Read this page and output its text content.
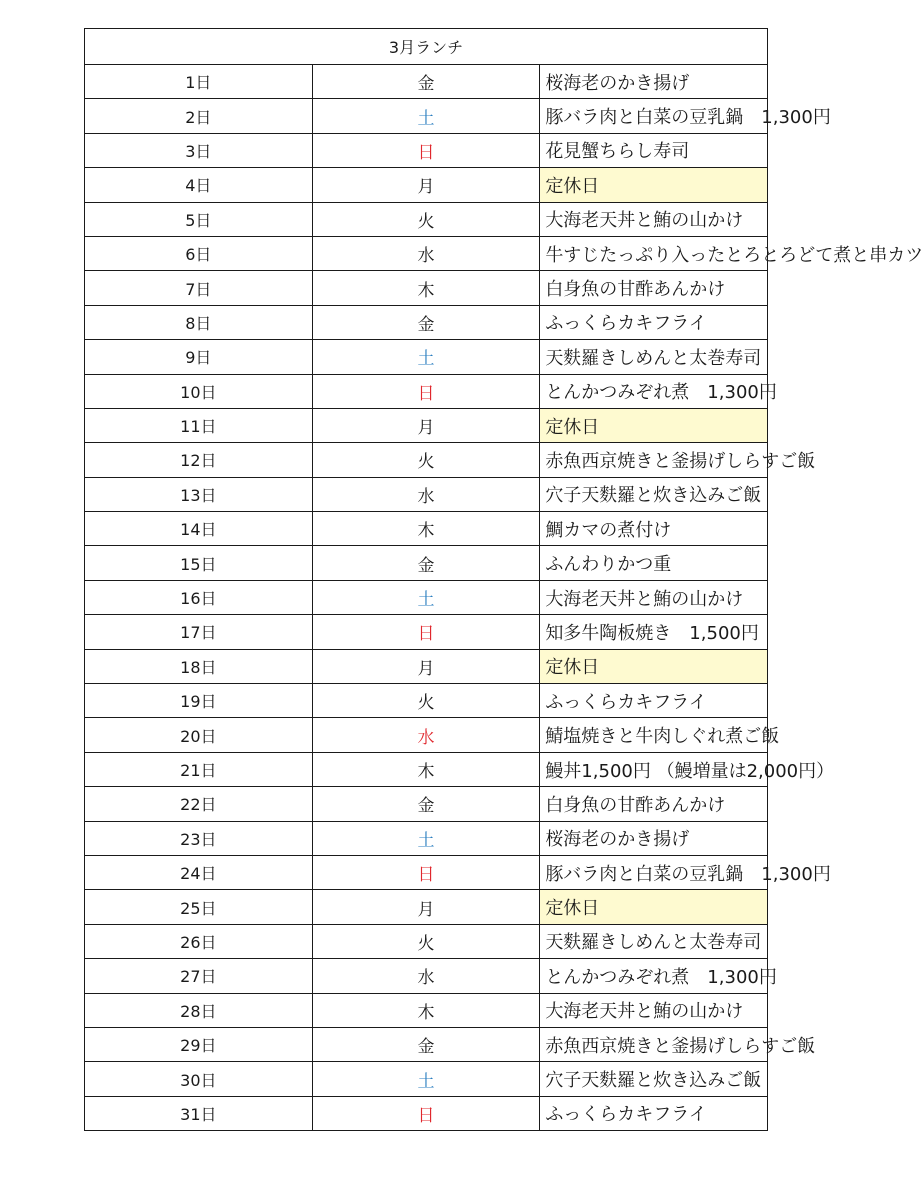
3月ランチ		
1日	金	桜海老のかき揚げ
2日	土	豚バラ肉と白菜の豆乳鍋　1,300円
3日	日	花見蟹ちらし寿司
4日	月	定休日
5日	火	大海老天丼と鮪の山かけ
6日	水	牛すじたっぷり入ったとろとろどて煮と串カツ
7日	木	白身魚の甘酢あんかけ
8日	金	ふっくらカキフライ
9日	土	天麩羅きしめんと太巻寿司
10日	日	とんかつみぞれ煮　1,300円
11日	月	定休日
12日	火	赤魚西京焼きと釜揚げしらすご飯
13日	水	穴子天麩羅と炊き込みご飯
14日	木	鯛カマの煮付け
15日	金	ふんわりかつ重
16日	土	大海老天丼と鮪の山かけ
17日	日	知多牛陶板焼き　1,500円
18日	月	定休日
19日	火	ふっくらカキフライ
20日	水	鯖塩焼きと牛肉しぐれ煮ご飯
21日	木	鰻丼1,500円 （鰻増量は2,000円）
22日	金	白身魚の甘酢あんかけ
23日	土	桜海老のかき揚げ
24日	日	豚バラ肉と白菜の豆乳鍋　1,300円
25日	月	定休日
26日	火	天麩羅きしめんと太巻寿司
27日	水	とんかつみぞれ煮　1,300円
28日	木	大海老天丼と鮪の山かけ
29日	金	赤魚西京焼きと釜揚げしらすご飯
30日	土	穴子天麩羅と炊き込みご飯
31日	日	ふっくらカキフライ
